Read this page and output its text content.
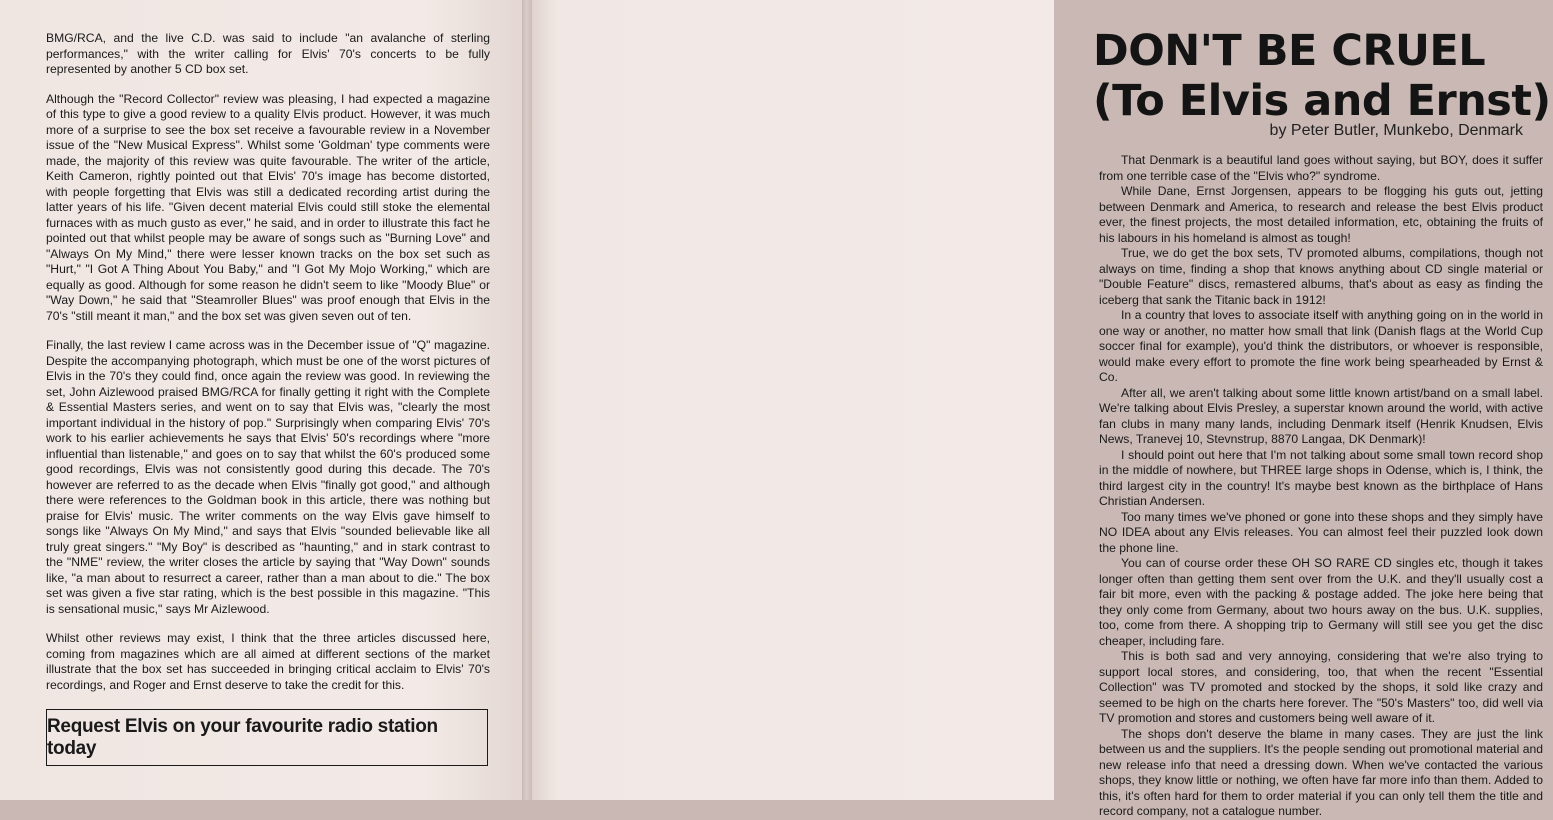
BMG/RCA, and the live C.D. was said to include "an avalanche of sterling performances," with the writer calling for Elvis' 70's concerts to be fully represented by another 5 CD box set.

Although the "Record Collector" review was pleasing, I had expected a magazine of this type to give a good review to a quality Elvis product. However, it was much more of a surprise to see the box set receive a favourable review in a November issue of the "New Musical Express". Whilst some 'Goldman' type comments were made, the majority of this review was quite favourable. The writer of the article, Keith Cameron, rightly pointed out that Elvis' 70's image has become distorted, with people forgetting that Elvis was still a dedicated recording artist during the latter years of his life. "Given decent material Elvis could still stoke the elemental furnaces with as much gusto as ever," he said, and in order to illustrate this fact he pointed out that whilst people may be aware of songs such as "Burning Love" and "Always On My Mind," there were lesser known tracks on the box set such as "Hurt," "I Got A Thing About You Baby," and "I Got My Mojo Working," which are equally as good. Although for some reason he didn't seem to like "Moody Blue" or "Way Down," he said that "Steamroller Blues" was proof enough that Elvis in the 70's "still meant it man," and the box set was given seven out of ten.

Finally, the last review I came across was in the December issue of "Q" magazine. Despite the accompanying photograph, which must be one of the worst pictures of Elvis in the 70's they could find, once again the review was good. In reviewing the set, John Aizlewood praised BMG/RCA for finally getting it right with the Complete & Essential Masters series, and went on to say that Elvis was, "clearly the most important individual in the history of pop." Surprisingly when comparing Elvis' 70's work to his earlier achievements he says that Elvis' 50's recordings where "more influential than listenable," and goes on to say that whilst the 60's produced some good recordings, Elvis was not consistently good during this decade. The 70's however are referred to as the decade when Elvis "finally got good," and although there were references to the Goldman book in this article, there was nothing but praise for Elvis' music. The writer comments on the way Elvis gave himself to songs like "Always On My Mind," and says that Elvis "sounded believable like all truly great singers." "My Boy" is described as "haunting," and in stark contrast to the "NME" review, the writer closes the article by saying that "Way Down" sounds like, "a man about to resurrect a career, rather than a man about to die." The box set was given a five star rating, which is the best possible in this magazine. "This is sensational music," says Mr Aizlewood.

Whilst other reviews may exist, I think that the three articles discussed here, coming from magazines which are all aimed at different sections of the market illustrate that the box set has succeeded in bringing critical acclaim to Elvis' 70's recordings, and Roger and Ernst deserve to take the credit for this.

Request Elvis on your favourite radio station today
DON'T BE CRUEL
(To Elvis and Ernst)
by Peter Butler, Munkebo, Denmark

That Denmark is a beautiful land goes without saying, but BOY, does it suffer from one terrible case of the "Elvis who?" syndrome.

While Dane, Ernst Jorgensen, appears to be flogging his guts out, jetting between Denmark and America, to research and release the best Elvis product ever, the finest projects, the most detailed information, etc, obtaining the fruits of his labours in his homeland is almost as tough!

True, we do get the box sets, TV promoted albums, compilations, though not always on time, finding a shop that knows anything about CD single material or "Double Feature" discs, remastered albums, that's about as easy as finding the iceberg that sank the Titanic back in 1912!

In a country that loves to associate itself with anything going on in the world in one way or another, no matter how small that link (Danish flags at the World Cup soccer final for example), you'd think the distributors, or whoever is responsible, would make every effort to promote the fine work being spearheaded by Ernst & Co.

After all, we aren't talking about some little known artist/band on a small label. We're talking about Elvis Presley, a superstar known around the world, with active fan clubs in many many lands, including Denmark itself (Henrik Knudsen, Elvis News, Tranevej 10, Stevnstrup, 8870 Langaa, DK Denmark)!

I should point out here that I'm not talking about some small town record shop in the middle of nowhere, but THREE large shops in Odense, which is, I think, the third largest city in the country! It's maybe best known as the birthplace of Hans Christian Andersen.

Too many times we've phoned or gone into these shops and they simply have NO IDEA about any Elvis releases. You can almost feel their puzzled look down the phone line.

You can of course order these OH SO RARE CD singles etc, though it takes longer often than getting them sent over from the U.K. and they'll usually cost a fair bit more, even with the packing & postage added. The joke here being that they only come from Germany, about two hours away on the bus. U.K. supplies, too, come from there. A shopping trip to Germany will still see you get the disc cheaper, including fare.

This is both sad and very annoying, considering that we're also trying to support local stores, and considering, too, that when the recent "Essential Collection" was TV promoted and stocked by the shops, it sold like crazy and seemed to be high on the charts here forever. The "50's Masters" too, did well via TV promotion and stores and customers being well aware of it.

The shops don't deserve the blame in many cases. They are just the link between us and the suppliers. It's the people sending out promotional material and new release info that need a dressing down. When we've contacted the various shops, they know little or nothing, we often have far more info than them. Added to this, it's often hard for them to order material if you can only tell them the title and record company, not a catalogue number.
